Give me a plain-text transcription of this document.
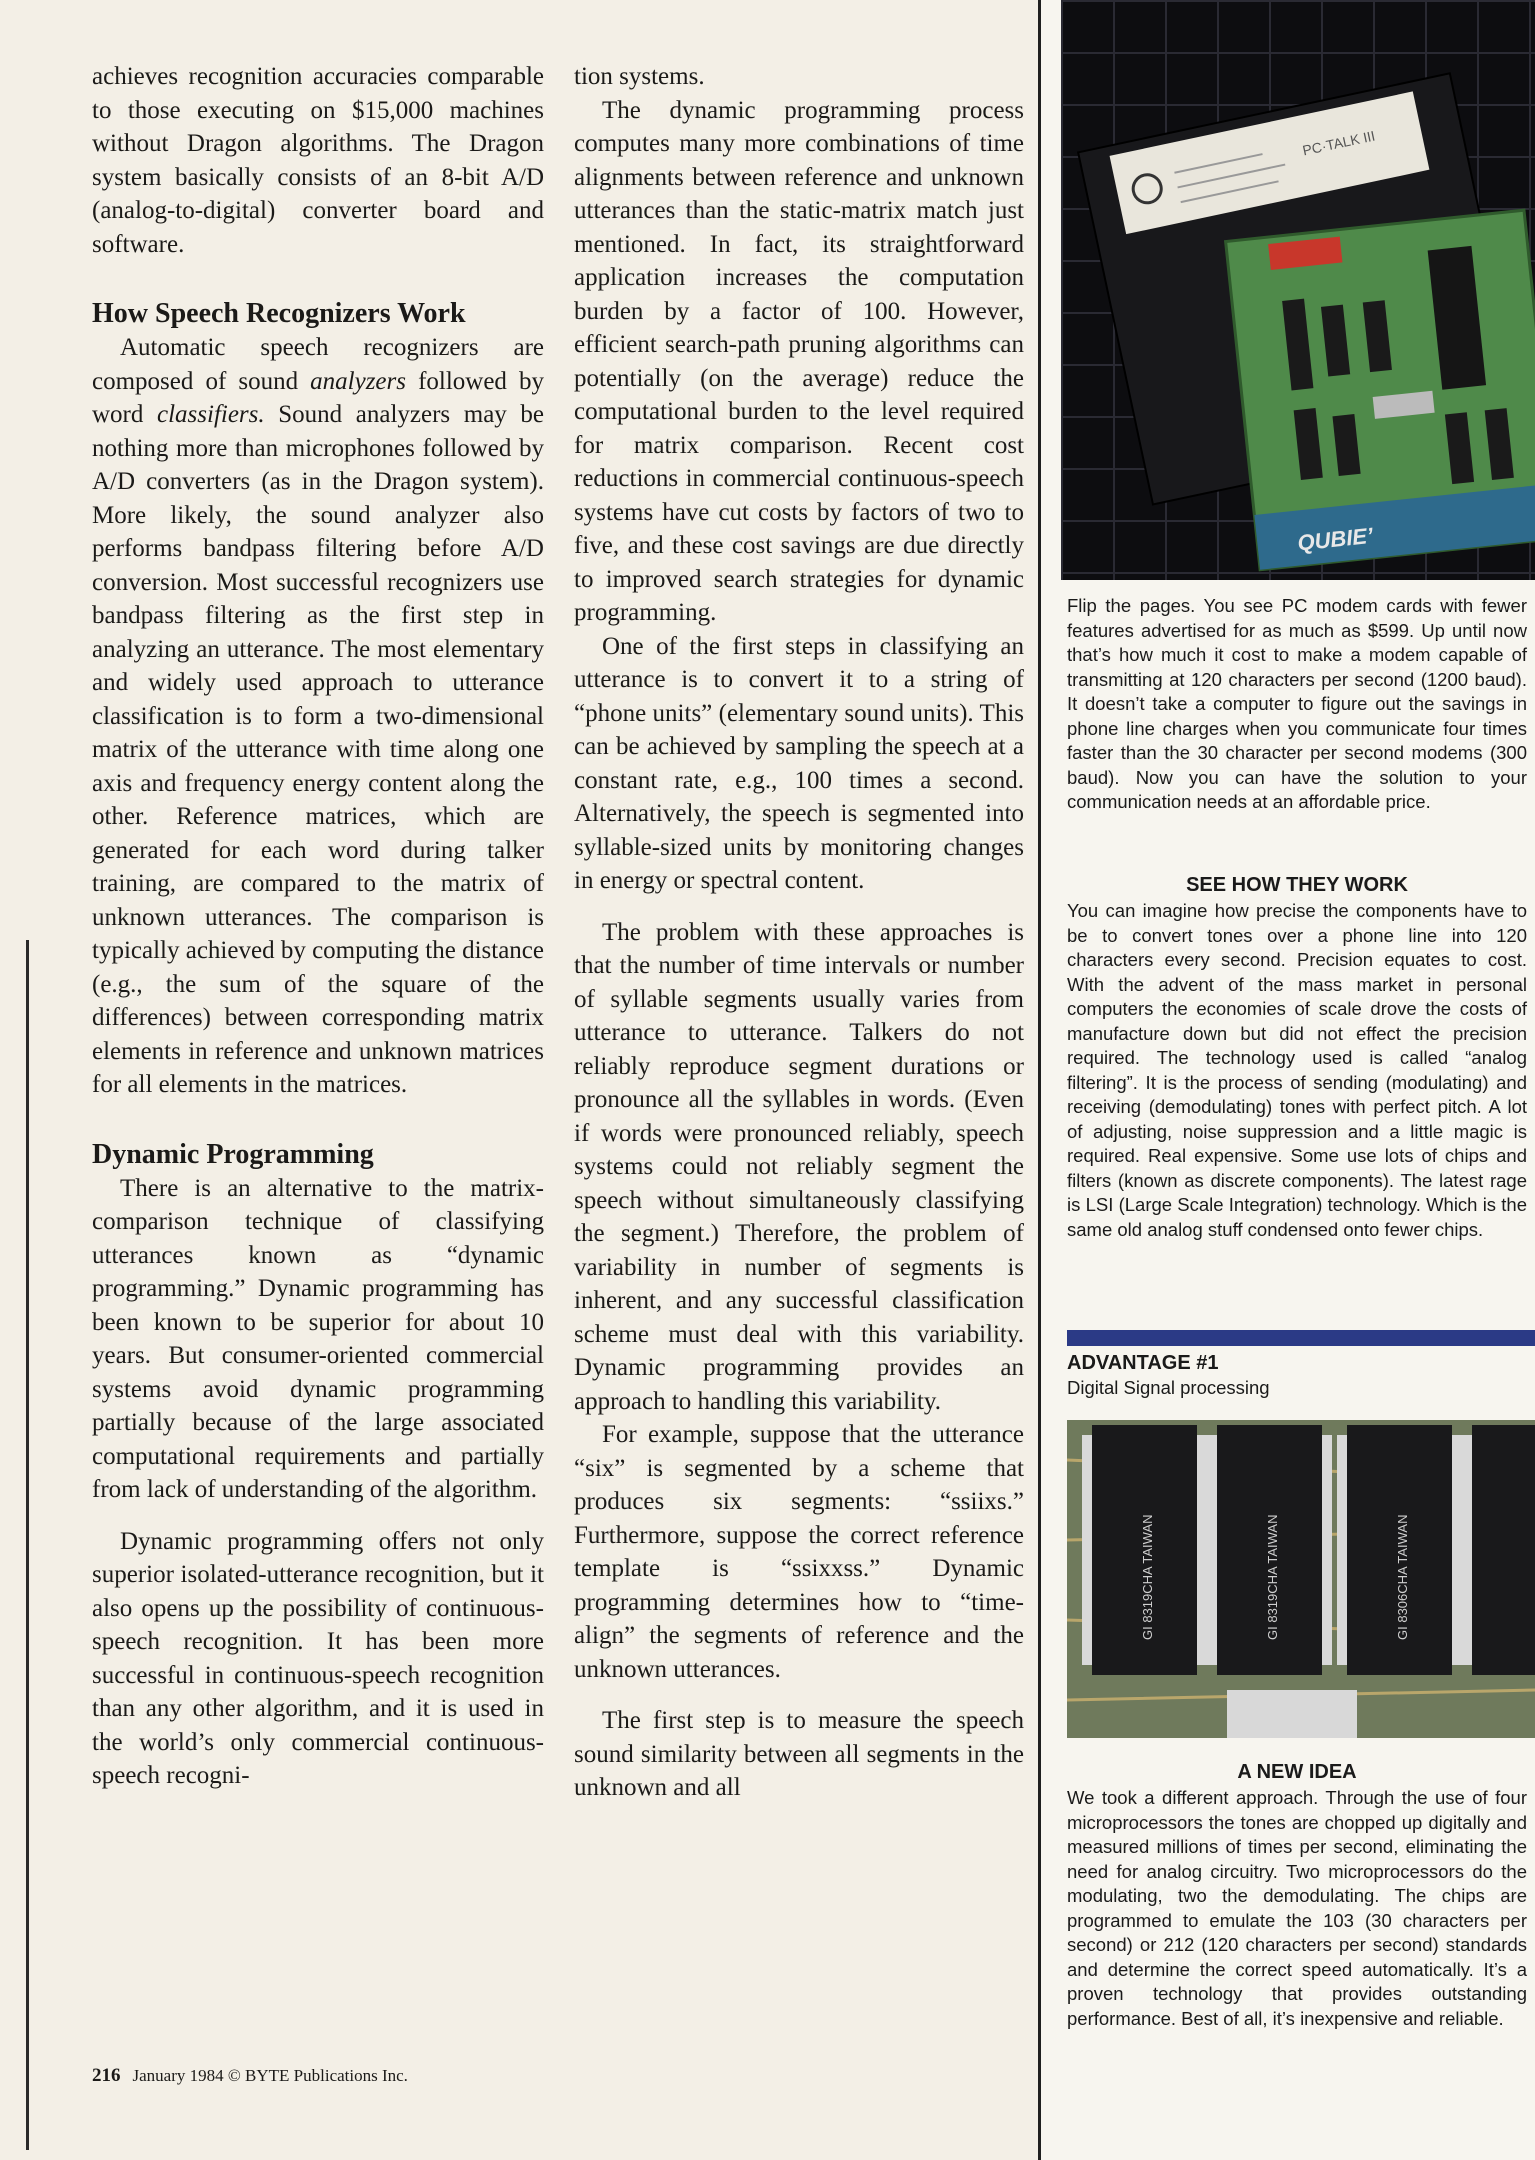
achieves recognition accuracies comparable to those executing on $15,000 machines without Dragon algorithms. The Dragon system basically consists of an 8-bit A/D (analog-to-digital) converter board and software.

How Speech Recognizers Work

Automatic speech recognizers are composed of sound analyzers followed by word classifiers. Sound analyzers may be nothing more than microphones followed by A/D converters (as in the Dragon system). More likely, the sound analyzer also performs bandpass filtering before A/D conversion. Most successful recognizers use bandpass filtering as the first step in analyzing an utterance. The most elementary and widely used approach to utterance classification is to form a two-dimensional matrix of the utterance with time along one axis and frequency energy content along the other. Reference matrices, which are generated for each word during talker training, are compared to the matrix of unknown utterances. The comparison is typically achieved by computing the distance (e.g., the sum of the square of the differences) between corresponding matrix elements in reference and unknown matrices for all elements in the matrices.

Dynamic Programming

There is an alternative to the matrix-comparison technique of classifying utterances known as “dynamic programming.” Dynamic programming has been known to be superior for about 10 years. But consumer-oriented commercial systems avoid dynamic programming partially because of the large associated computational requirements and partially from lack of understanding of the algorithm.

Dynamic programming offers not only superior isolated-utterance recognition, but it also opens up the possibility of continuous-speech recognition. It has been more successful in continuous-speech recognition than any other algorithm, and it is used in the world’s only commercial continuous-speech recogni-

tion systems.

The dynamic programming process computes many more combinations of time alignments between reference and unknown utterances than the static-matrix match just mentioned. In fact, its straightforward application increases the computation burden by a factor of 100. However, efficient search-path pruning algorithms can potentially (on the average) reduce the computational burden to the level required for matrix comparison. Recent cost reductions in commercial continuous-speech systems have cut costs by factors of two to five, and these cost savings are due directly to improved search strategies for dynamic programming.

One of the first steps in classifying an utterance is to convert it to a string of “phone units” (elementary sound units). This can be achieved by sampling the speech at a constant rate, e.g., 100 times a second. Alternatively, the speech is segmented into syllable-sized units by monitoring changes in energy or spectral content.

The problem with these approaches is that the number of time intervals or number of syllable segments usually varies from utterance to utterance. Talkers do not reliably reproduce segment durations or pronounce all the syllables in words. (Even if words were pronounced reliably, speech systems could not reliably segment the speech without simultaneously classifying the segment.) Therefore, the problem of variability in number of segments is inherent, and any successful classification scheme must deal with this variability. Dynamic programming provides an approach to handling this variability.

For example, suppose that the utterance “six” is segmented by a scheme that produces six segments: “ssiixs.” Furthermore, suppose the correct reference template is “ssixxss.” Dynamic programming determines how to “time-align” the segments of reference and the unknown utterances.

The first step is to measure the speech sound similarity between all segments in the unknown and all

216 January 1984 © BYTE Publications Inc.
PC·TALK III
QUBIE’
Flip the pages. You see PC modem cards with fewer features advertised for as much as $599. Up until now that’s how much it cost to make a modem capable of transmitting at 120 characters per second (1200 baud). It doesn’t take a computer to figure out the savings in phone line charges when you communicate four times faster than the 30 character per second modems (300 baud). Now you can have the solution to your communication needs at an affordable price.
SEE HOW THEY WORK
You can imagine how precise the components have to be to convert tones over a phone line into 120 characters every second. Precision equates to cost. With the advent of the mass market in personal computers the economies of scale drove the costs of manufacture down but did not effect the precision required. The technology used is called “analog filtering”. It is the process of sending (modulating) and receiving (demodulating) tones with perfect pitch. A lot of adjusting, noise suppression and a little magic is required. Real expensive. Some use lots of chips and filters (known as discrete components). The latest rage is LSI (Large Scale Integration) technology. Which is the same old analog stuff condensed onto fewer chips.
ADVANTAGE #1
Digital Signal processing
GI 8319CHA TAIWAN	GI 8319CHA TAIWAN	GI 8306CHA TAIWAN
A NEW IDEA
We took a different approach. Through the use of four microprocessors the tones are chopped up digitally and measured millions of times per second, eliminating the need for analog circuitry. Two microprocessors do the modulating, two the demodulating. The chips are programmed to emulate the 103 (30 characters per second) or 212 (120 characters per second) standards and determine the correct speed automatically. It’s a proven technology that provides outstanding performance. Best of all, it’s inexpensive and reliable.
